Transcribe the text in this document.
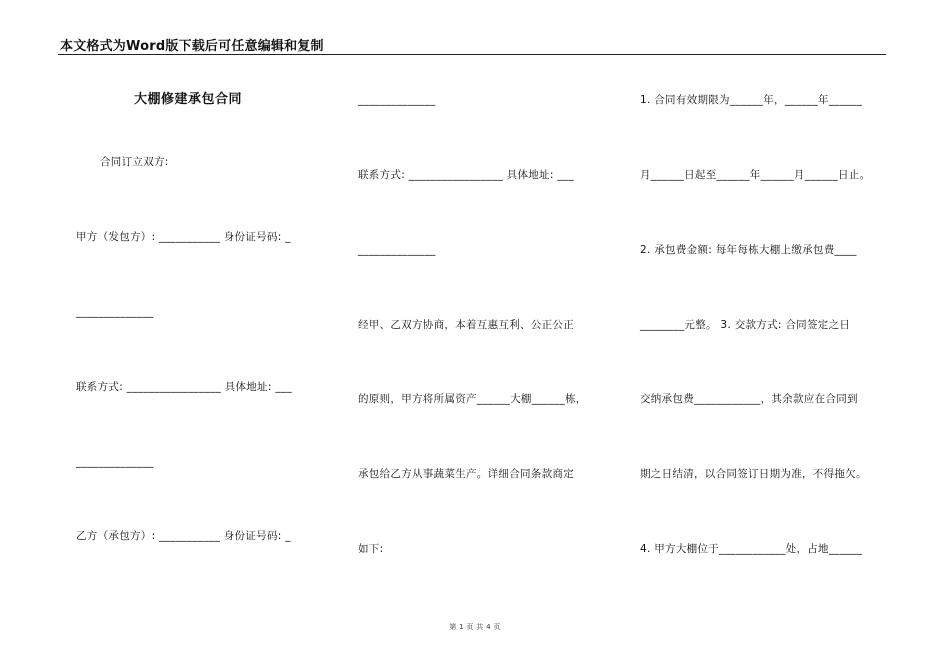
本文格式为Word版下载后可任意编辑和复制
大棚修建承包合同
合同订立双方:
甲方（发包方）: ___________ 身份证号码: _
______________
联系方式: _________________ 具体地址: ___
______________
乙方（承包方）: ___________ 身份证号码: _
______________
联系方式: _________________ 具体地址: ___
______________
经甲、乙双方协商，本着互惠互利、公正公正
的原则，甲方将所属资产______大棚______栋，
承包给乙方从事蔬菜生产。详细合同条款商定
如下:
1. 合同有效期限为______年，______年______
月______日起至______年______月______日止。
2. 承包费金额: 每年每栋大棚上缴承包费____
________元整。 3. 交款方式: 合同签定之日
交纳承包费____________，其余款应在合同到
期之日结清，以合同签订日期为准，不得拖欠。
4. 甲方大棚位于____________处，占地______
第 1 页 共 4 页
